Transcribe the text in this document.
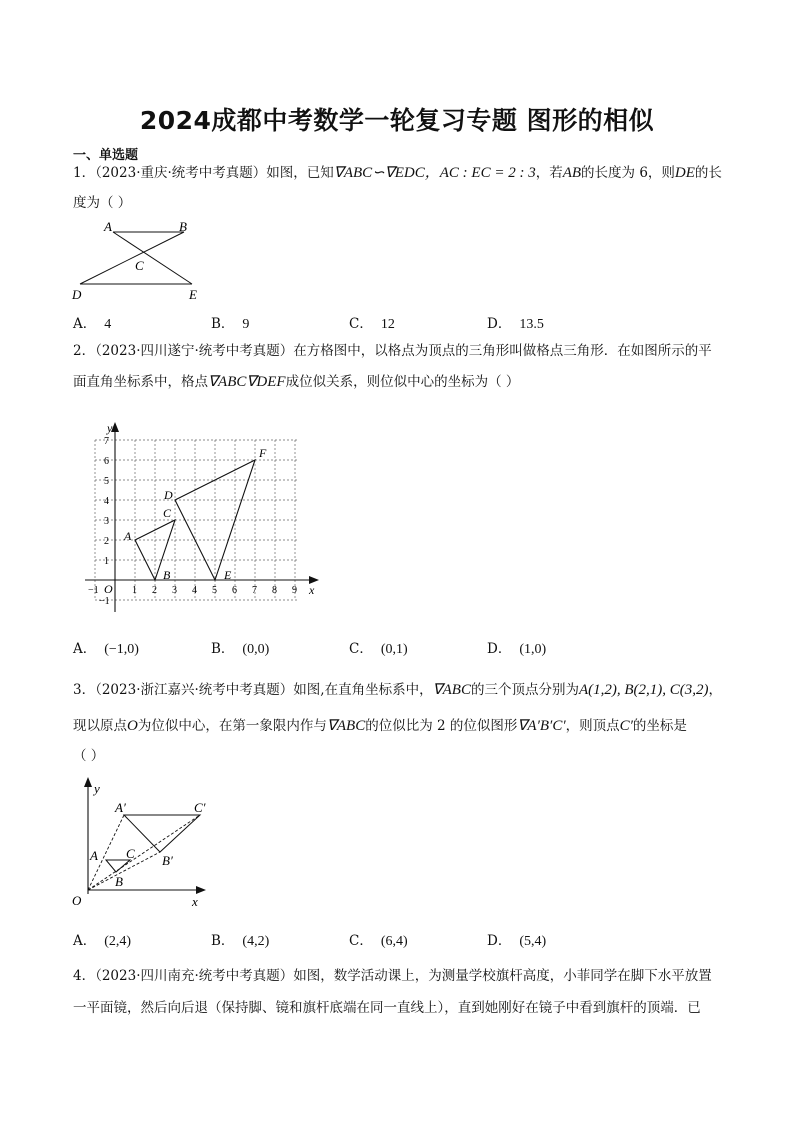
2024成都中考数学一轮复习专题 图形的相似
一、单选题
1．（2023·重庆·统考中考真题）如图，已知∇ABC∽∇EDC，AC : EC = 2 : 3，若AB的长度为 6，则DE的长
度为（ ）
A	B
C
D	E
A． 4	B． 9	C． 12	D． 13.5
2．（2023·四川遂宁·统考中考真题）在方格图中，以格点为顶点的三角形叫做格点三角形．在如图所示的平
面直角坐标系中，格点∇ABC∇DEF成位似关系，则位似中心的坐标为（ ）
y
x
O
−1	1 2 3 4 5 6 7 8 9
7
6
5
4
3
2
1
−1
A
B
C
D
E
F
A． (−1,0)	B． (0,0)	C． (0,1)	D． (1,0)
3．（2023·浙江嘉兴·统考中考真题）如图,在直角坐标系中，∇ABC的三个顶点分别为A(1,2), B(2,1), C(3,2)，
现以原点O为位似中心，在第一象限内作与∇ABC的位似比为 2 的位似图形∇A′B′C′，则顶点C′的坐标是
（ ）
y
x
O
A
B
C
A′
B′
C′
A． (2,4)	B． (4,2)	C． (6,4)	D． (5,4)
4．（2023·四川南充·统考中考真题）如图，数学活动课上，为测量学校旗杆高度，小菲同学在脚下水平放置
一平面镜，然后向后退（保持脚、镜和旗杆底端在同一直线上），直到她刚好在镜子中看到旗杆的顶端．已
